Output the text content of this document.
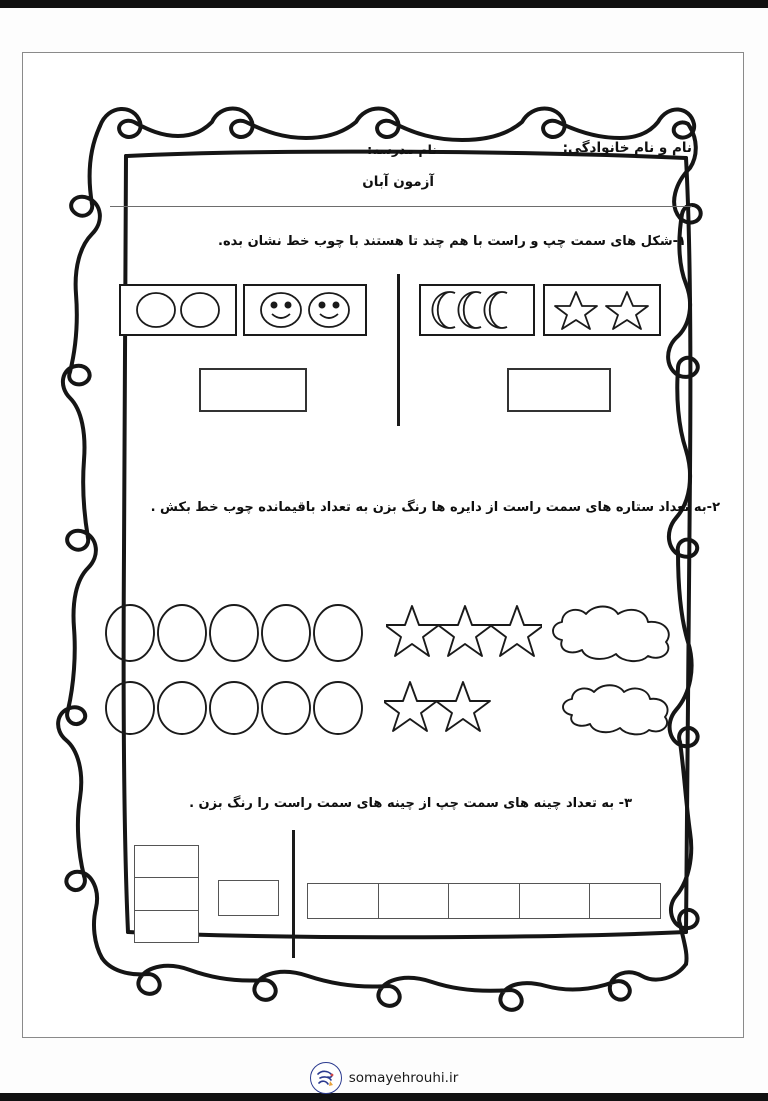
نام و نام خانوادگی:
نام مدرسه:
آزمون آبان
۱-شکل های سمت چپ و راست با هم چند تا هستند با چوب خط نشان بده.
۲-به تعداد ستاره های سمت راست از دایره ها رنگ بزن به تعداد باقیمانده چوب خط بکش .
۳- به تعداد چینه های سمت چپ از چینه های سمت راست را رنگ بزن .
somayehrouhi.ir
